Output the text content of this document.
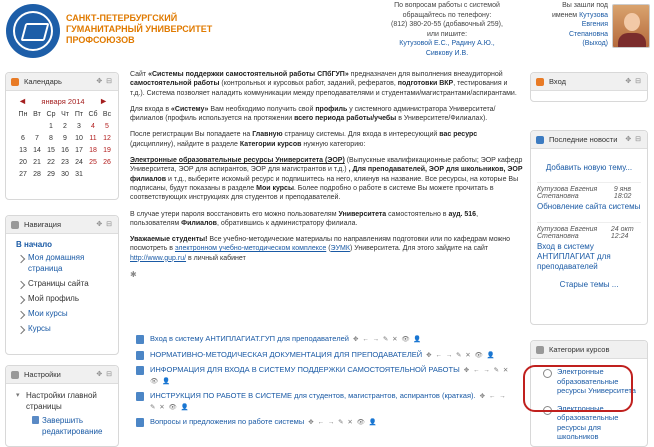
САНКТ-ПЕТЕРБУРГСКИЙ
ГУМАНИТАРНЫЙ УНИВЕРСИТЕТ
ПРОФСОЮЗОВ
По вопросам работы с системой
обращайтесь по телефону:
(812) 380-20-55 (добавочный 259),
или пишите:
Кутузовой Е.С., Радину А.Ю.,
Сивкову И.В.
Вы зашли под
именем Кутузова
Евгения Степановна
(Выход)
Календарь	✥ ⊟
◄ января 2014 ►
Пн	Вт	Ср	Чт	Пт	Сб	Вс
		1	2	3	4	5
6	7	8	9	10	11	12
13	14	15	16	17	18	19
20	21	22	23	24	25	26
27	28	29	30	31		
Навигация	✥ ⊟
В начало
Моя домашняя страница
Страницы сайта
Мой профиль
Мои курсы
Курсы
Настройки	✥ ⊟
▾ Настройки главной страницы
Завершить редактирование

Сайт «Системы поддержки самостоятельной работы СПбГУП» предназначен для выполнения внеаудиторной самостоятельной работы (контрольных и курсовых работ, заданий, рефератов, подготовки ВКР, тестирования и т.д.). Система позволяет наладить коммуникации между преподавателями и студентами/магистрантами/аспирантами.

Для входа в «Систему» Вам необходимо получить свой профиль у системного администратора Университета/филиалов (профиль используется на протяжении всего периода работы/учебы в Университете/Филиалах).

После регистрации Вы попадаете на Главную страницу системы. Для входа в интересующий вас ресурс (дисциплину), найдите в разделе Категории курсов нужную категорию:

Электронные образовательные ресурсы Университета (ЭОР) (Выпускные квалификационные работы; ЭОР кафедр Университета, ЭОР для аспирантов, ЭОР для магистрантов и т.д.) , Для преподавателей, ЭОР для школьников, ЭОР филиалов и т.д., выберите искомый ресурс и подпишитесь на него, кликнув на название. Все ресурсы, на которые Вы подписаны, будут показаны в разделе Мои курсы. Более подробно о работе в системе Вы можете прочитать в соответствующих инструкциях для студентов и преподавателей.

В случае утери пароля восстановить его можно пользователям Университета самостоятельно в ауд. 516, пользователям Филиалов, обратившись к администратору филиала.

Уважаемые студенты! Все учебно-методические материалы по направлениям подготовки или по кафедрам можно посмотреть в электронном учебно-методическом комплексе (ЭУМК) Университета. Для этого зайдите на сайт http://www.gup.ru/ в личный кабинет

✱
Вход в систему АНТИПЛАГИАТ.ГУП для преподавателей ✥ ← → ✎ ✕ 👁 👤
НОРМАТИВНО-МЕТОДИЧЕСКАЯ ДОКУМЕНТАЦИЯ ДЛЯ ПРЕПОДАВАТЕЛЕЙ ✥ ← → ✎ ✕ 👁 👤
ИНФОРМАЦИЯ ДЛЯ ВХОДА В СИСТЕМУ ПОДДЕРЖКИ САМОСТОЯТЕЛЬНОЙ РАБОТЫ ✥ ← → ✎ ✕ 👁 👤
ИНСТРУКЦИЯ ПО РАБОТЕ В СИСТЕМЕ для студентов, магистрантов, аспирантов (краткая). ✥ ← → ✎ ✕ 👁 👤
Вопросы и предложения по работе системы ✥ ← → ✎ ✕ 👁 👤
Вход	✥ ⊟
Последние новости ✥ ⊟
Добавить новую тему...
Кутузова Евгения Степановна
9 янв 18:02
Обновление сайта системы
Кутузова Евгения Степановна
24 окт 12:24
Вход в систему АНТИПЛАГИАТ для преподавателей
Старые темы ...
Категории курсов
Электронные образовательные ресурсы Университета
Электронные образовательные ресурсы для школьников
